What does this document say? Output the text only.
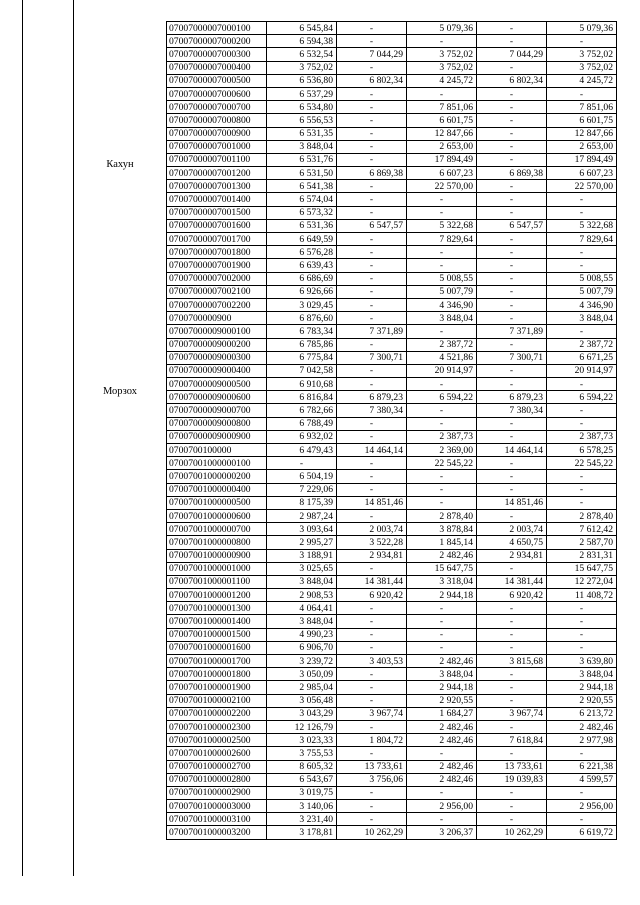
Кахун
Морзох
07007000007000100	6 545,84	-	5 079,36	-	5 079,36
07007000007000200	6 594,38	-	-	-	-
07007000007000300	6 532,54	7 044,29	3 752,02	7 044,29	3 752,02
07007000007000400	3 752,02	-	3 752,02	-	3 752,02
07007000007000500	6 536,80	6 802,34	4 245,72	6 802,34	4 245,72
07007000007000600	6 537,29	-	-	-	-
07007000007000700	6 534,80	-	7 851,06	-	7 851,06
07007000007000800	6 556,53	-	6 601,75	-	6 601,75
07007000007000900	6 531,35	-	12 847,66	-	12 847,66
07007000007001000	3 848,04	-	2 653,00	-	2 653,00
07007000007001100	6 531,76	-	17 894,49	-	17 894,49
07007000007001200	6 531,50	6 869,38	6 607,23	6 869,38	6 607,23
07007000007001300	6 541,38	-	22 570,00	-	22 570,00
07007000007001400	6 574,04	-	-	-	-
07007000007001500	6 573,32	-	-	-	-
07007000007001600	6 531,36	6 547,57	5 322,68	6 547,57	5 322,68
07007000007001700	6 649,59	-	7 829,64	-	7 829,64
07007000007001800	6 576,28	-	-	-	-
07007000007001900	6 639,43	-	-	-	-
07007000007002000	6 686,69	-	5 008,55	-	5 008,55
07007000007002100	6 926,66	-	5 007,79	-	5 007,79
07007000007002200	3 029,45	-	4 346,90	-	4 346,90
0700700000900	6 876,60	-	3 848,04	-	3 848,04
07007000009000100	6 783,34	7 371,89	-	7 371,89	-
07007000009000200	6 785,86	-	2 387,72	-	2 387,72
07007000009000300	6 775,84	7 300,71	4 521,86	7 300,71	6 671,25
07007000009000400	7 042,58	-	20 914,97	-	20 914,97
07007000009000500	6 910,68	-	-	-	-
07007000009000600	6 816,84	6 879,23	6 594,22	6 879,23	6 594,22
07007000009000700	6 782,66	7 380,34	-	7 380,34	-
07007000009000800	6 788,49	-	-	-	-
07007000009000900	6 932,02	-	2 387,73	-	2 387,73
0700700100000	6 479,43	14 464,14	2 369,00	14 464,14	6 578,25
07007001000000100	-	-	22 545,22	-	22 545,22
07007001000000200	6 504,19	-	-	-	-
07007001000000400	7 229,06	-	-	-	-
07007001000000500	8 175,39	14 851,46	-	14 851,46	-
07007001000000600	2 987,24	-	2 878,40	-	2 878,40
07007001000000700	3 093,64	2 003,74	3 878,84	2 003,74	7 612,42
07007001000000800	2 995,27	3 522,28	1 845,14	4 650,75	2 587,70
07007001000000900	3 188,91	2 934,81	2 482,46	2 934,81	2 831,31
07007001000001000	3 025,65	-	15 647,75	-	15 647,75
07007001000001100	3 848,04	14 381,44	3 318,04	14 381,44	12 272,04
07007001000001200	2 908,53	6 920,42	2 944,18	6 920,42	11 408,72
07007001000001300	4 064,41	-	-	-	-
07007001000001400	3 848,04	-	-	-	-
07007001000001500	4 990,23	-	-	-	-
07007001000001600	6 906,70	-	-	-	-
07007001000001700	3 239,72	3 403,53	2 482,46	3 815,68	3 639,80
07007001000001800	3 050,09	-	3 848,04	-	3 848,04
07007001000001900	2 985,04	-	2 944,18	-	2 944,18
07007001000002100	3 056,48	-	2 920,55	-	2 920,55
07007001000002200	3 043,29	3 967,74	1 684,27	3 967,74	6 213,72
07007001000002300	12 126,79	-	2 482,46	-	2 482,46
07007001000002500	3 023,33	1 804,72	2 482,46	7 618,84	2 977,98
07007001000002600	3 755,53	-	-	-	-
07007001000002700	8 605,32	13 733,61	2 482,46	13 733,61	6 221,38
07007001000002800	6 543,67	3 756,06	2 482,46	19 039,83	4 599,57
07007001000002900	3 019,75	-	-	-	-
07007001000003000	3 140,06	-	2 956,00	-	2 956,00
07007001000003100	3 231,40	-	-	-	-
07007001000003200	3 178,81	10 262,29	3 206,37	10 262,29	6 619,72
